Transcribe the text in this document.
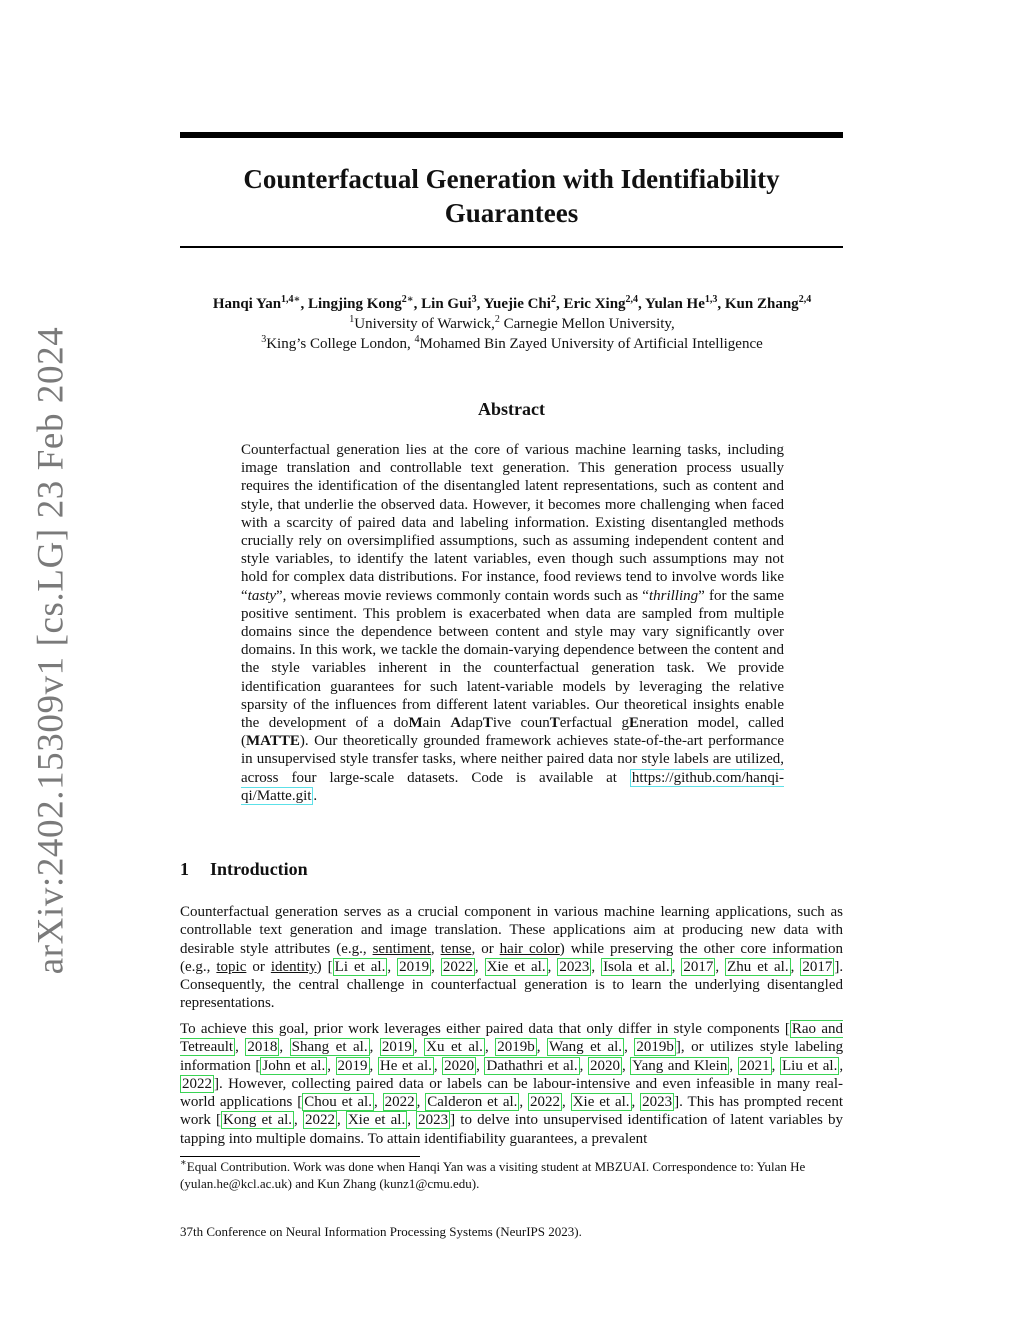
arXiv:2402.15309v1 [cs.LG] 23 Feb 2024
Counterfactual Generation with Identifiability
Guarantees
Hanqi Yan$^{1,4∗}$, Lingjing Kong$^{2∗}$, Lin Gui$^3$, Yuejie Chi$^2$, Eric Xing$^{2,4}$, Yulan He$^{1,3}$, Kun Zhang$^{2,4}$
$^1$University of Warwick,$^2$ Carnegie Mellon University,
$^3$King’s College London, $^4$Mohamed Bin Zayed University of Artificial Intelligence
Abstract
Counterfactual generation lies at the core of various machine learning tasks, including image translation and controllable text generation. This generation process usually requires the identification of the disentangled latent representations, such as content and style, that underlie the observed data. However, it becomes more challenging when faced with a scarcity of paired data and labeling information. Existing disentangled methods crucially rely on oversimplified assumptions, such as assuming independent content and style variables, to identify the latent variables, even though such assumptions may not hold for complex data distributions. For instance, food reviews tend to involve words like “tasty”, whereas movie reviews commonly contain words such as “thrilling” for the same positive sentiment. This problem is exacerbated when data are sampled from multiple domains since the dependence between content and style may vary significantly over domains. In this work, we tackle the domain-varying dependence between the content and the style variables inherent in the counterfactual generation task. We provide identification guarantees for such latent-variable models by leveraging the relative sparsity of the influences from different latent variables. Our theoretical insights enable the development of a doMain AdapTive counTerfactual gEneration model, called (MATTE). Our theoretically grounded framework achieves state-of-the-art performance in unsupervised style transfer tasks, where neither paired data nor style labels are utilized, across four large-scale datasets. Code is available at https://github.com/hanqi-qi/Matte.git .
1 Introduction

Counterfactual generation serves as a crucial component in various machine learning applications, such as controllable text generation and image translation. These applications aim at producing new data with desirable style attributes (e.g., sentiment, tense, or hair color) while preserving the other core information (e.g., topic or identity) [ Li et al. , 2019 , 2022 , Xie et al. , 2023 , Isola et al. , 2017 , Zhu et al. , 2017 ]. Consequently, the central challenge in counterfactual generation is to learn the underlying disentangled representations.

To achieve this goal, prior work leverages either paired data that only differ in style components [ Rao and Tetreault , 2018 , Shang et al. , 2019 , Xu et al. , 2019b , Wang et al. , 2019b ], or utilizes style labeling information [ John et al. , 2019 , He et al. , 2020 , Dathathri et al. , 2020 , Yang and Klein , 2021 , Liu et al. , 2022 ]. However, collecting paired data or labels can be labour-intensive and even infeasible in many real-world applications [ Chou et al. , 2022 , Calderon et al. , 2022 , Xie et al. , 2023 ]. This has prompted recent work [ Kong et al. , 2022 , Xie et al. , 2023 ] to delve into unsupervised identification of latent variables by tapping into multiple domains. To attain identifiability guarantees, a prevalent

∗Equal Contribution. Work was done when Hanqi Yan was a visiting student at MBZUAI. Correspondence to: Yulan He (yulan.he@kcl.ac.uk) and Kun Zhang (kunz1@cmu.edu).

37th Conference on Neural Information Processing Systems (NeurIPS 2023).
